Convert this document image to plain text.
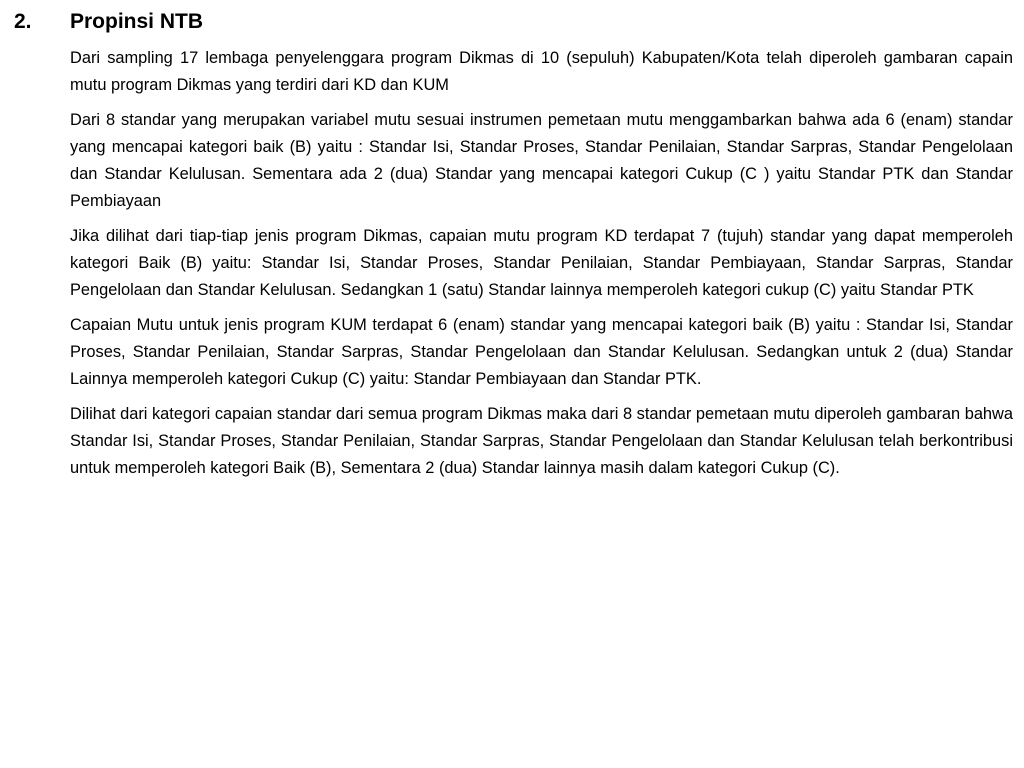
2. Propinsi NTB

Dari sampling 17 lembaga penyelenggara program Dikmas di 10 (sepuluh) Kabupaten/Kota telah diperoleh gambaran capain mutu program Dikmas yang terdiri dari KD dan KUM

Dari 8 standar yang merupakan variabel mutu sesuai instrumen pemetaan mutu menggambarkan bahwa ada 6 (enam) standar yang mencapai kategori baik (B) yaitu : Standar Isi, Standar Proses, Standar Penilaian, Standar Sarpras, Standar Pengelolaan dan Standar Kelulusan. Sementara ada 2 (dua) Standar yang mencapai kategori Cukup (C ) yaitu Standar PTK dan Standar Pembiayaan

Jika dilihat dari tiap-tiap jenis program Dikmas, capaian mutu program KD terdapat 7 (tujuh) standar yang dapat memperoleh kategori Baik (B) yaitu: Standar Isi, Standar Proses, Standar Penilaian, Standar Pembiayaan, Standar Sarpras, Standar Pengelolaan dan Standar Kelulusan. Sedangkan 1 (satu) Standar lainnya memperoleh kategori cukup (C) yaitu Standar PTK

Capaian Mutu untuk jenis program KUM terdapat 6 (enam) standar yang mencapai kategori baik (B) yaitu : Standar Isi, Standar Proses, Standar Penilaian, Standar Sarpras, Standar Pengelolaan dan Standar Kelulusan. Sedangkan untuk 2 (dua) Standar Lainnya memperoleh kategori Cukup (C) yaitu: Standar Pembiayaan dan Standar PTK.

Dilihat dari kategori capaian standar dari semua program Dikmas maka dari 8 standar pemetaan mutu diperoleh gambaran bahwa Standar Isi, Standar Proses, Standar Penilaian, Standar Sarpras, Standar Pengelolaan dan Standar Kelulusan telah berkontribusi untuk memperoleh kategori Baik (B), Sementara 2 (dua) Standar lainnya masih dalam kategori Cukup (C).
